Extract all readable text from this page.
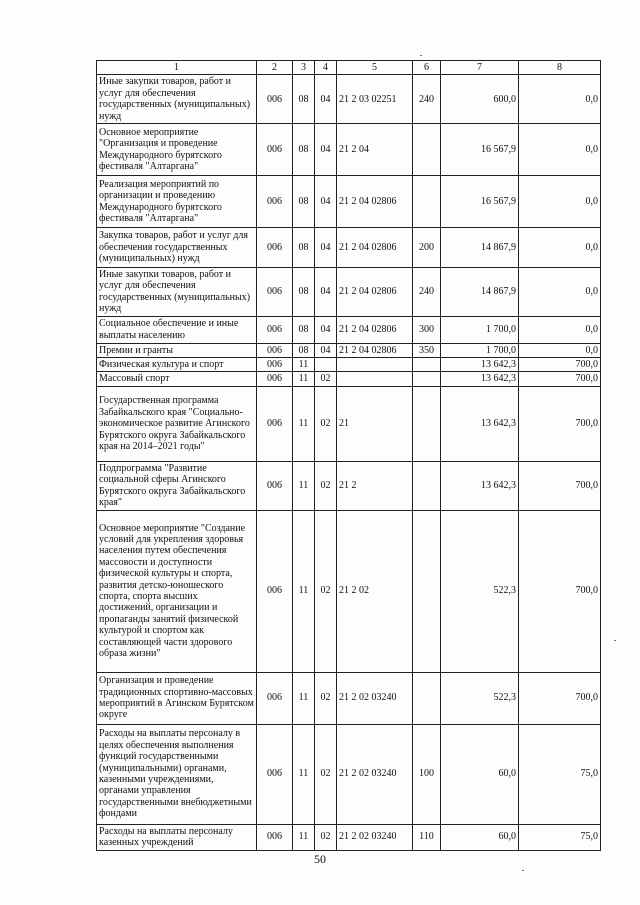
1	2	3	4	5	6	7	8
Иные закупки товаров, работ и услуг для обеспечения государственных (муниципальных) нужд	006	08	04	21 2 03 02251	240	600,0	0,0
Основное мероприятие "Организация и проведение Международного бурятского фестиваля "Алтаргана"	006	08	04	21 2 04		16 567,9	0,0
Реализация мероприятий по организации и проведению Международного бурятского фестиваля "Алтаргана"	006	08	04	21 2 04 02806		16 567,9	0,0
Закупка товаров, работ и услуг для обеспечения государственных (муниципальных) нужд	006	08	04	21 2 04 02806	200	14 867,9	0,0
Иные закупки товаров, работ и услуг для обеспечения государственных (муниципальных) нужд	006	08	04	21 2 04 02806	240	14 867,9	0,0
Социальное обеспечение и иные выплаты населению	006	08	04	21 2 04 02806	300	1 700,0	0,0
Премии и гранты	006	08	04	21 2 04 02806	350	1 700,0	0,0
Физическая культура и спорт	006	11				13 642,3	700,0
Массовый спорт	006	11	02			13 642,3	700,0
Государственная программа Забайкальского края "Социально-экономическое развитие Агинского Бурятского округа Забайкальского края на 2014–2021 годы"	006	11	02	21		13 642,3	700,0
Подпрограмма "Развитие социальной сферы Агинского Бурятского округа Забайкальского края"	006	11	02	21 2		13 642,3	700,0
Основное мероприятие "Создание условий для укрепления здоровья населения путем обеспечения массовости и доступности физической культуры и спорта, развития детско-юношеского спорта, спорта высших достижений, организации и пропаганды занятий физической культурой и спортом как составляющей части здорового образа жизни"	006	11	02	21 2 02		522,3	700,0
Организация и проведение традиционных спортивно-массовых мероприятий в Агинском Бурятском округе	006	11	02	21 2 02 03240		522,3	700,0
Расходы на выплаты персоналу в целях обеспечения выполнения функций государственными (муниципальными) органами, казенными учреждениями, органами управления государственными внебюджетными фондами	006	11	02	21 2 02 03240	100	60,0	75,0
Расходы на выплаты персоналу казенных учреждений	006	11	02	21 2 02 03240	110	60,0	75,0
50
